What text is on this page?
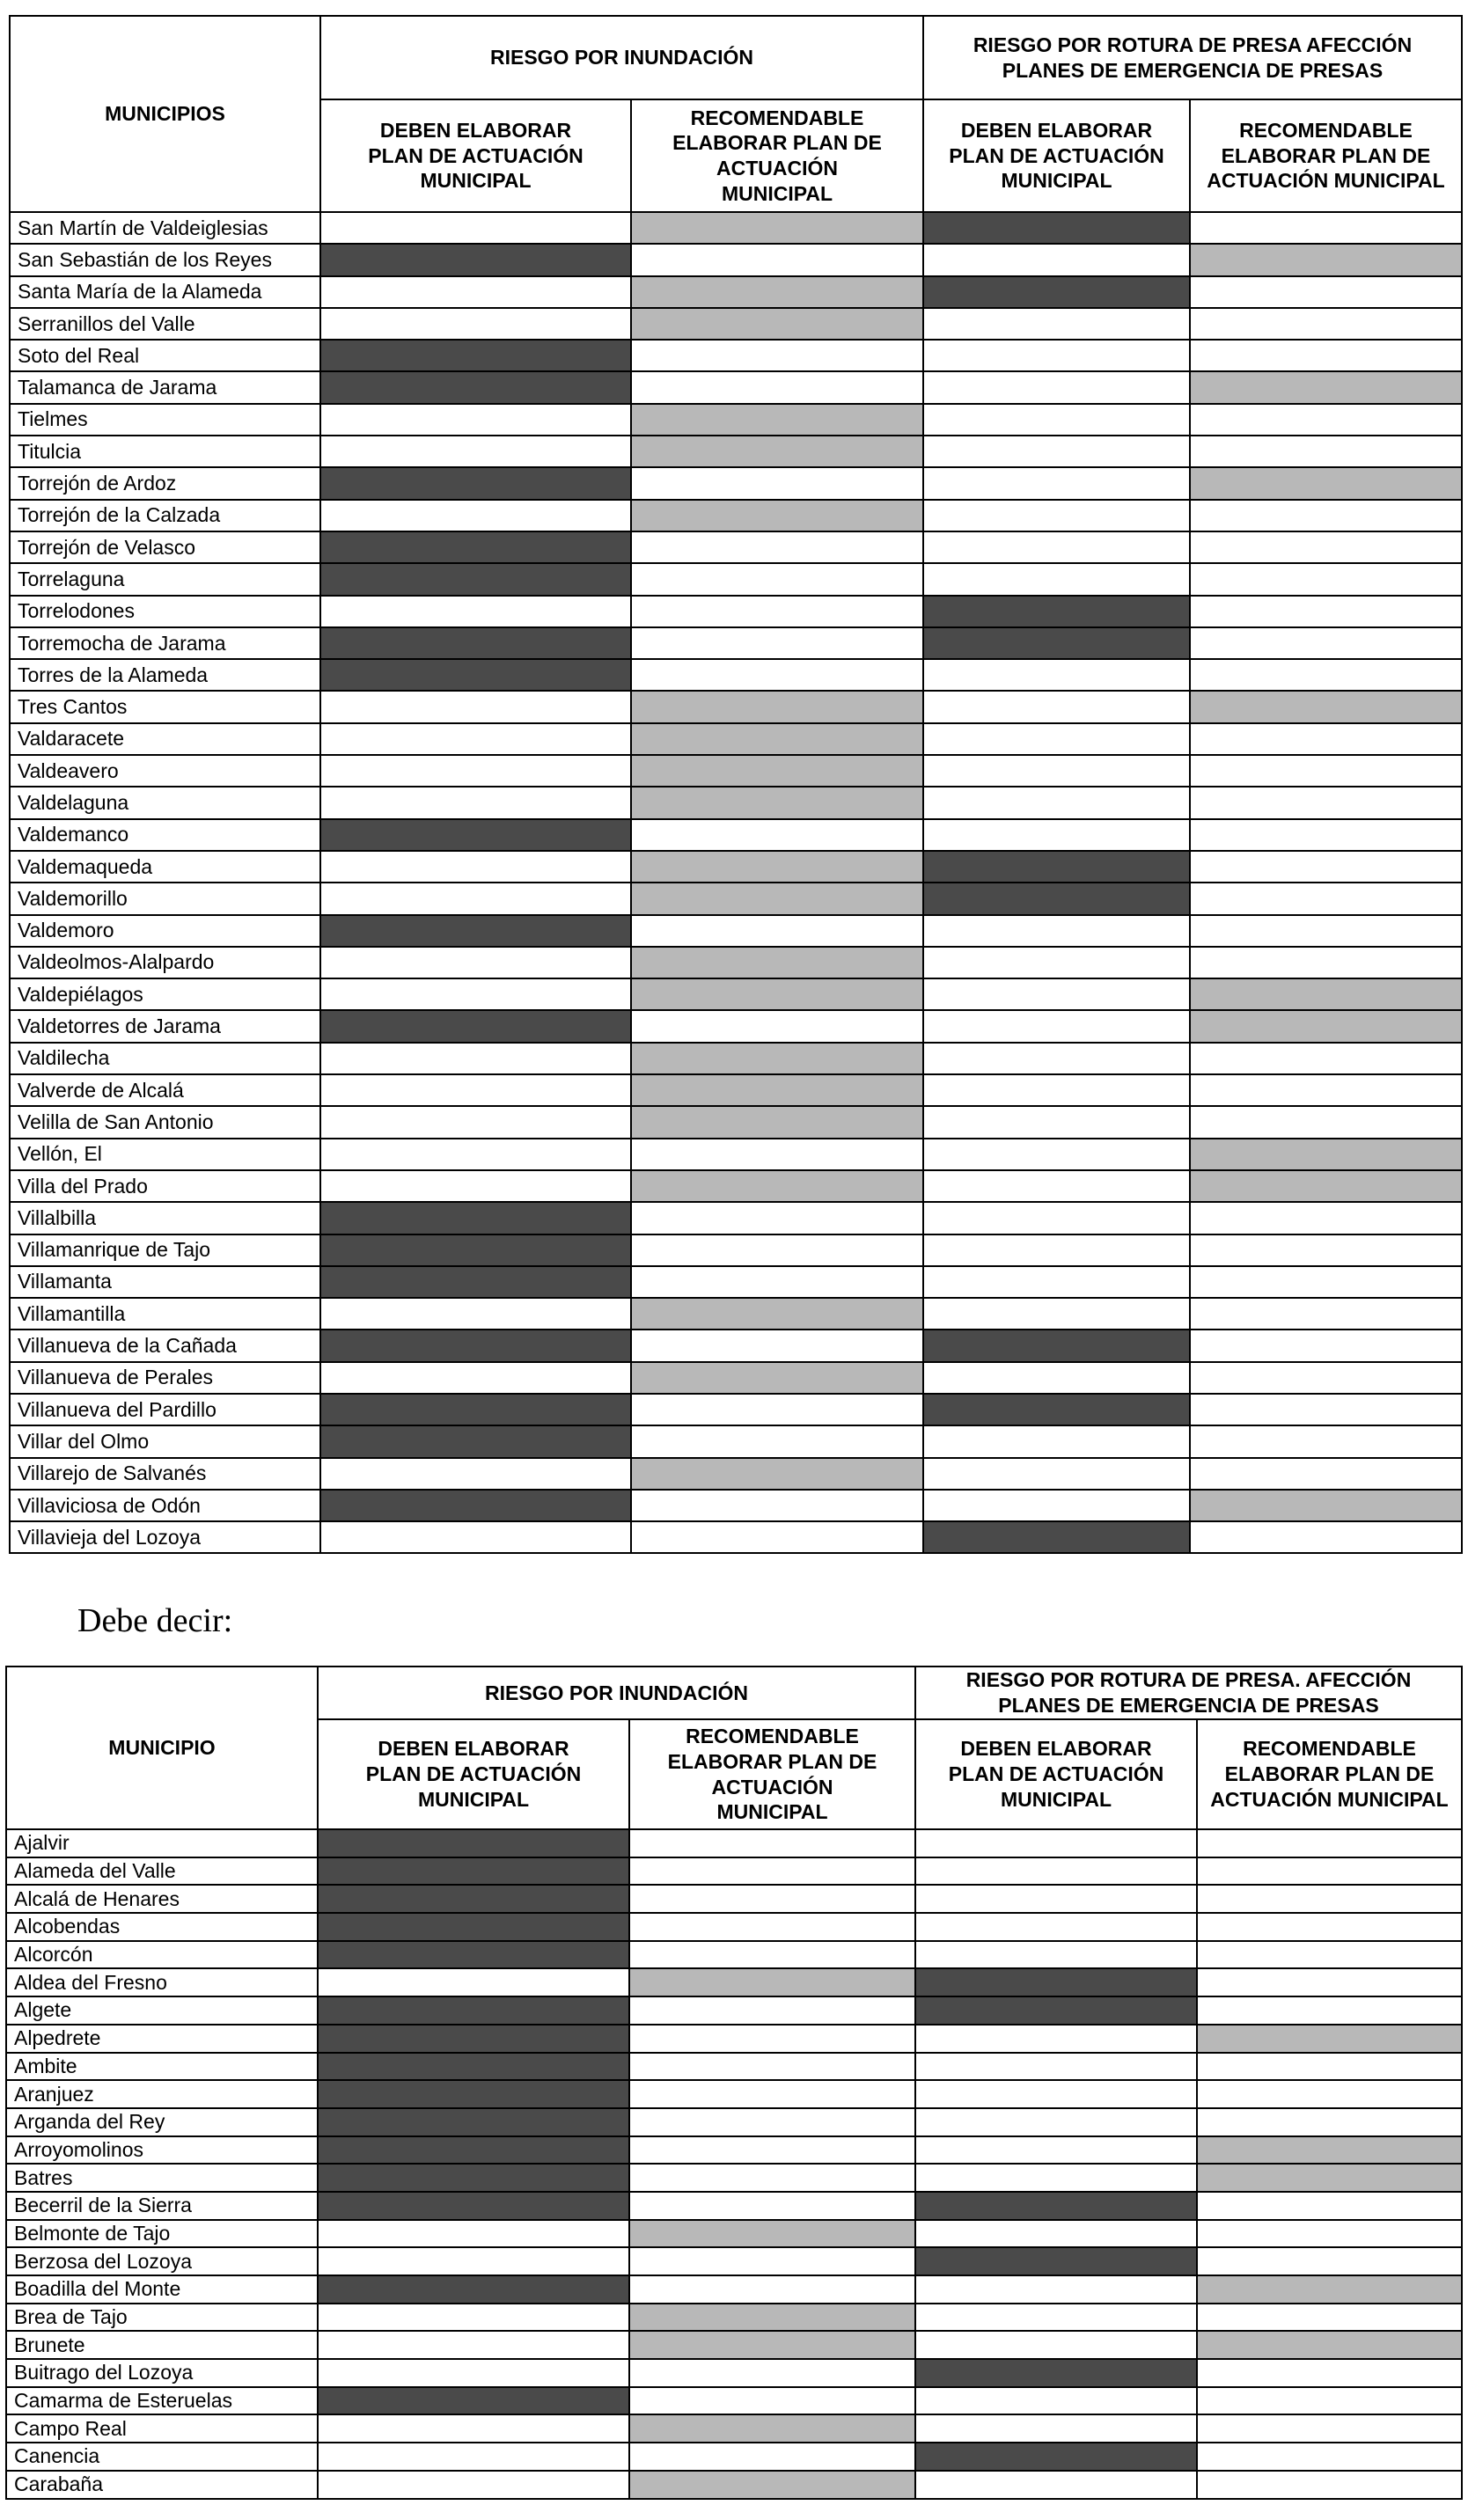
MUNICIPIOS	RIESGO POR INUNDACIÓN		RIESGO POR ROTURA DE PRESA AFECCIÓN PLANES DE EMERGENCIA DE PRESAS	
	DEBEN ELABORAR PLAN DE ACTUACIÓN MUNICIPAL	RECOMENDABLE ELABORAR PLAN DE ACTUACIÓN MUNICIPAL	DEBEN ELABORAR PLAN DE ACTUACIÓN MUNICIPAL	RECOMENDABLE ELABORAR PLAN DE ACTUACIÓN MUNICIPAL
San Martín de Valdeiglesias				
San Sebastián de los Reyes				
Santa María de la Alameda				
Serranillos del Valle				
Soto del Real				
Talamanca de Jarama				
Tielmes				
Titulcia				
Torrejón de Ardoz				
Torrejón de la Calzada				
Torrejón de Velasco				
Torrelaguna				
Torrelodones				
Torremocha de Jarama				
Torres de la Alameda				
Tres Cantos				
Valdaracete				
Valdeavero				
Valdelaguna				
Valdemanco				
Valdemaqueda				
Valdemorillo				
Valdemoro				
Valdeolmos-Alalpardo				
Valdepiélagos				
Valdetorres de Jarama				
Valdilecha				
Valverde de Alcalá				
Velilla de San Antonio				
Vellón, El				
Villa del Prado				
Villalbilla				
Villamanrique de Tajo				
Villamanta				
Villamantilla				
Villanueva de la Cañada				
Villanueva de Perales				
Villanueva del Pardillo				
Villar del Olmo				
Villarejo de Salvanés				
Villaviciosa de Odón				
Villavieja del Lozoya				

Debe decir:

MUNICIPIO	RIESGO POR INUNDACIÓN		RIESGO POR ROTURA DE PRESA. AFECCIÓN PLANES DE EMERGENCIA DE PRESAS	
	DEBEN ELABORAR PLAN DE ACTUACIÓN MUNICIPAL	RECOMENDABLE ELABORAR PLAN DE ACTUACIÓN MUNICIPAL	DEBEN ELABORAR PLAN DE ACTUACIÓN MUNICIPAL	RECOMENDABLE ELABORAR PLAN DE ACTUACIÓN MUNICIPAL
Ajalvir				
Alameda del Valle				
Alcalá de Henares				
Alcobendas				
Alcorcón				
Aldea del Fresno				
Algete				
Alpedrete				
Ambite				
Aranjuez				
Arganda del Rey				
Arroyomolinos				
Batres				
Becerril de la Sierra				
Belmonte de Tajo				
Berzosa del Lozoya				
Boadilla del Monte				
Brea de Tajo				
Brunete				
Buitrago del Lozoya				
Camarma de Esteruelas				
Campo Real				
Canencia				
Carabaña				
